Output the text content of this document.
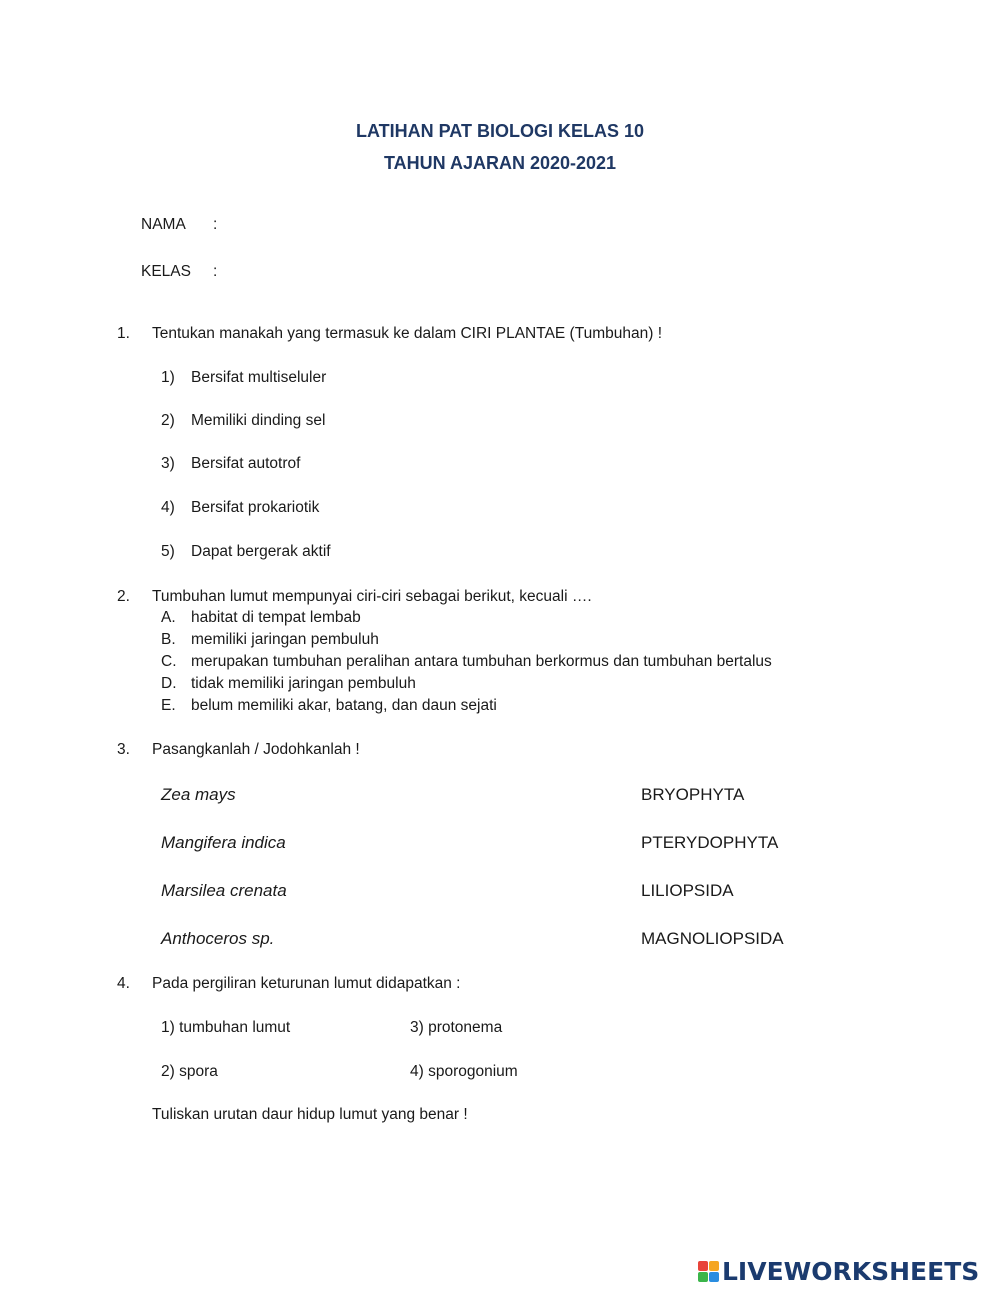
LATIHAN PAT BIOLOGI KELAS 10
TAHUN AJARAN 2020-2021
NAMA :
KELAS :
1. Tentukan manakah yang termasuk ke dalam CIRI PLANTAE (Tumbuhan) !
1) Bersifat multiseluler
2) Memiliki dinding sel
3) Bersifat autotrof
4) Bersifat prokariotik
5) Dapat bergerak aktif
2. Tumbuhan lumut mempunyai ciri-ciri sebagai berikut, kecuali ….
A. habitat di tempat lembab
B. memiliki jaringan pembuluh
C. merupakan tumbuhan peralihan antara tumbuhan berkormus dan tumbuhan bertalus
D. tidak memiliki jaringan pembuluh
E. belum memiliki akar, batang, dan daun sejati
3. Pasangkanlah / Jodohkanlah !
Zea mays	BRYOPHYTA
Mangifera indica	PTERYDOPHYTA
Marsilea crenata	LILIOPSIDA
Anthoceros sp.	MAGNOLIOPSIDA
4. Pada pergiliran keturunan lumut didapatkan :
1) tumbuhan lumut	3) protonema
2) spora	4) sporogonium
Tuliskan urutan daur hidup lumut yang benar !
LIVEWORKSHEETS
